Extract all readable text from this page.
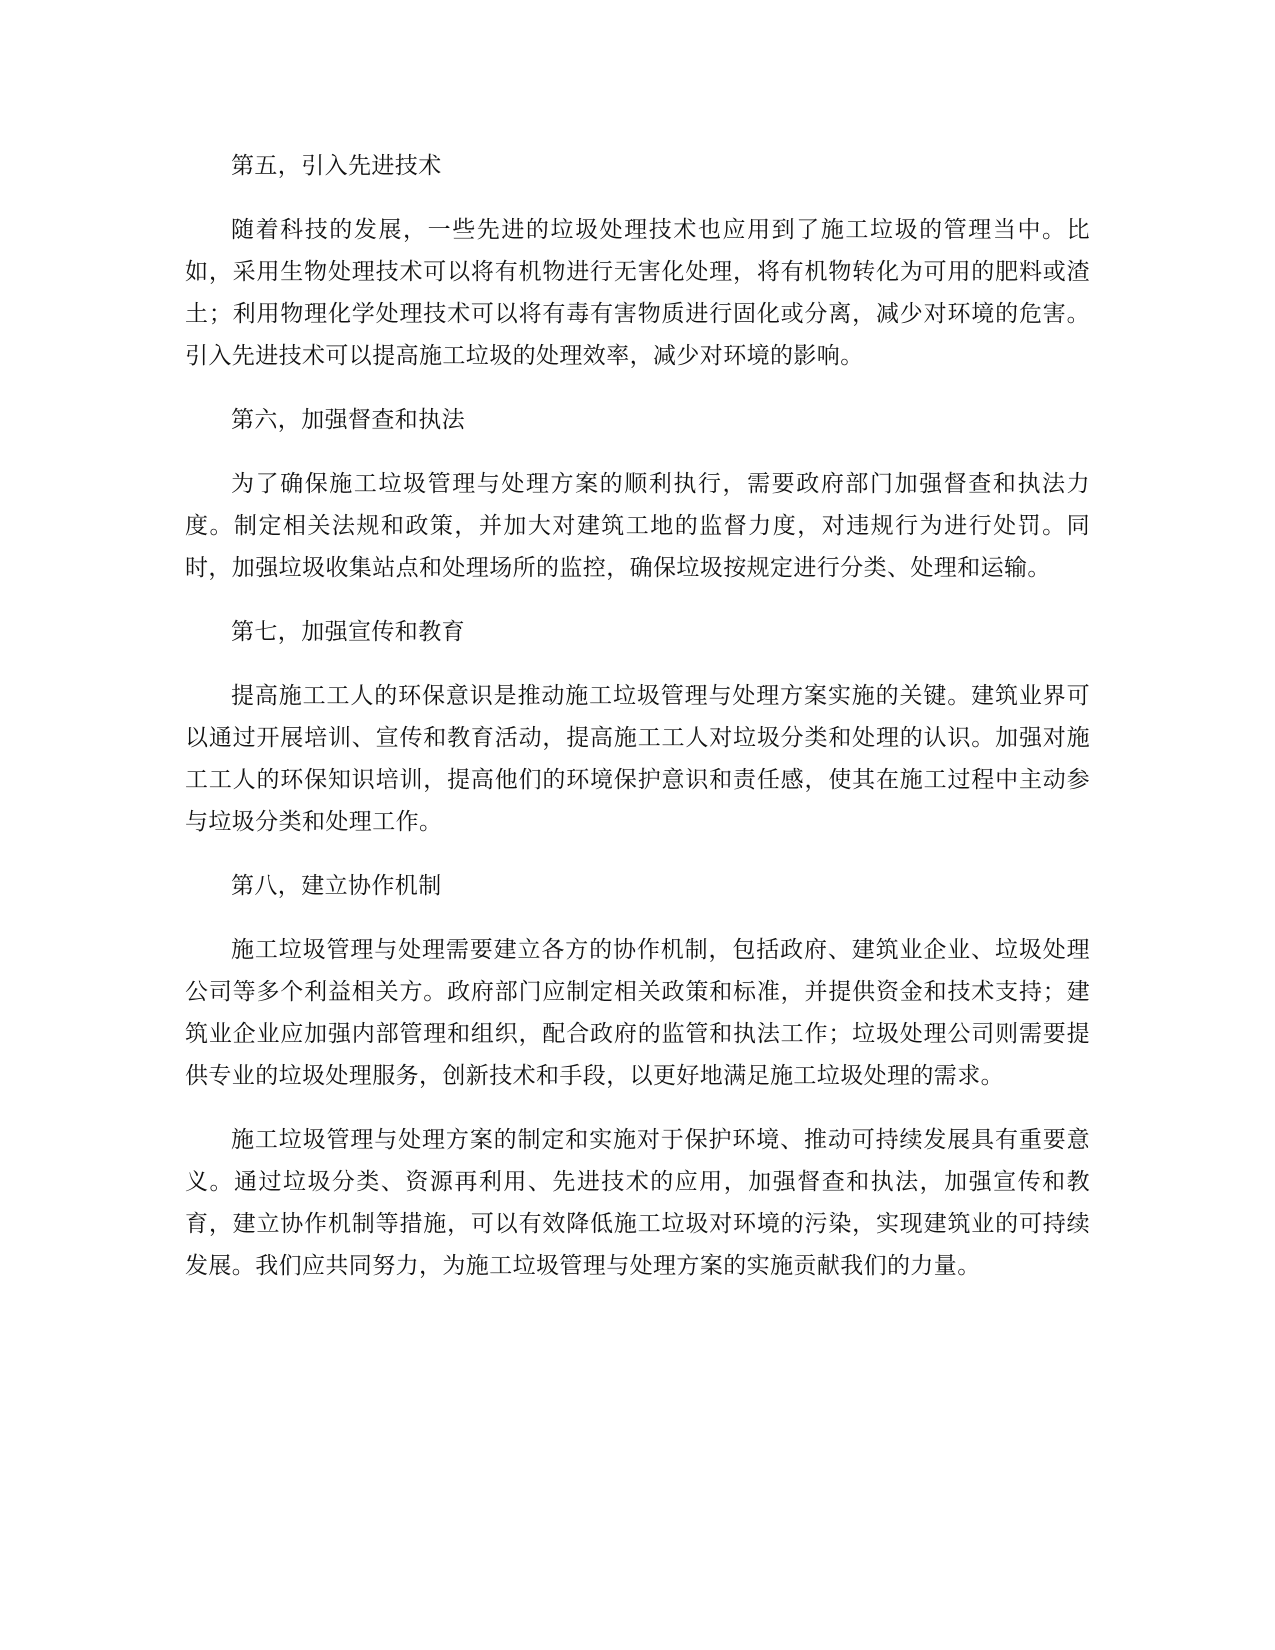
第五，引入先进技术

随着科技的发展，一些先进的垃圾处理技术也应用到了施工垃圾的管理当中。比如，采用生物处理技术可以将有机物进行无害化处理，将有机物转化为可用的肥料或渣土；利用物理化学处理技术可以将有毒有害物质进行固化或分离，减少对环境的危害。引入先进技术可以提高施工垃圾的处理效率，减少对环境的影响。

第六，加强督查和执法

为了确保施工垃圾管理与处理方案的顺利执行，需要政府部门加强督查和执法力度。制定相关法规和政策，并加大对建筑工地的监督力度，对违规行为进行处罚。同时，加强垃圾收集站点和处理场所的监控，确保垃圾按规定进行分类、处理和运输。

第七，加强宣传和教育

提高施工工人的环保意识是推动施工垃圾管理与处理方案实施的关键。建筑业界可以通过开展培训、宣传和教育活动，提高施工工人对垃圾分类和处理的认识。加强对施工工人的环保知识培训，提高他们的环境保护意识和责任感，使其在施工过程中主动参与垃圾分类和处理工作。

第八，建立协作机制

施工垃圾管理与处理需要建立各方的协作机制，包括政府、建筑业企业、垃圾处理公司等多个利益相关方。政府部门应制定相关政策和标准，并提供资金和技术支持；建筑业企业应加强内部管理和组织，配合政府的监管和执法工作；垃圾处理公司则需要提供专业的垃圾处理服务，创新技术和手段，以更好地满足施工垃圾处理的需求。

施工垃圾管理与处理方案的制定和实施对于保护环境、推动可持续发展具有重要意义。通过垃圾分类、资源再利用、先进技术的应用，加强督查和执法，加强宣传和教育，建立协作机制等措施，可以有效降低施工垃圾对环境的污染，实现建筑业的可持续发展。我们应共同努力，为施工垃圾管理与处理方案的实施贡献我们的力量。
